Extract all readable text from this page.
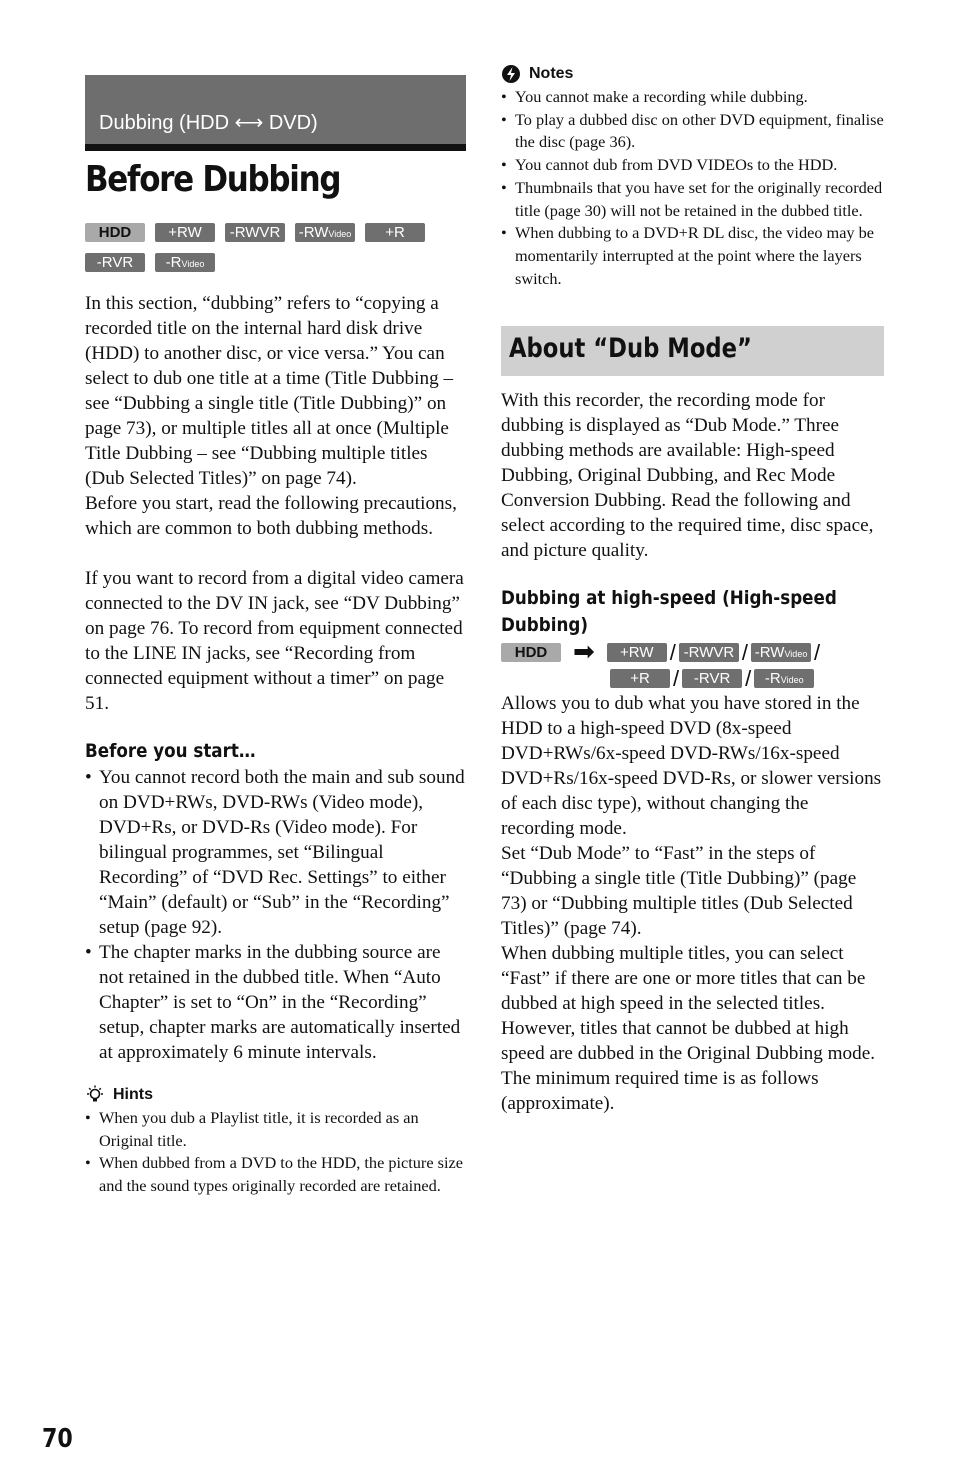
Dubbing (HDD ⟷ DVD)
Before Dubbing
HDD	+RW	-RWVR	-RWVideo	+R
-RVR	-RVideo

In this section, “dubbing” refers to “copying a recorded title on the internal hard disk drive (HDD) to another disc, or vice versa.” You can select to dub one title at a time (Title Dubbing – see “Dubbing a single title (Title Dubbing)” on page 73), or multiple titles all at once (Multiple Title Dubbing – see “Dubbing multiple titles (Dub Selected Titles)” on page 74).

Before you start, read the following precautions, which are common to both dubbing methods.

If you want to record from a digital video camera connected to the DV IN jack, see “DV Dubbing” on page 76. To record from equipment connected to the LINE IN jacks, see “Recording from connected equipment without a timer” on page 51.

Before you start…
• You cannot record both the main and sub sound on DVD+RWs, DVD-RWs (Video mode), DVD+Rs, or DVD-Rs (Video mode). For bilingual programmes, set “Bilingual Recording” of “DVD Rec. Settings” to either “Main” (default) or “Sub” in the “Recording” setup (page 92).
• The chapter marks in the dubbing source are not retained in the dubbed title. When “Auto Chapter” is set to “On” in the “Recording” setup, chapter marks are automatically inserted at approximately 6 minute intervals.
Hints
• When you dub a Playlist title, it is recorded as an Original title.
• When dubbed from a DVD to the HDD, the picture size and the sound types originally recorded are retained.
Notes
• You cannot make a recording while dubbing.
• To play a dubbed disc on other DVD equipment, finalise the disc (page 36).
• You cannot dub from DVD VIDEOs to the HDD.
• Thumbnails that you have set for the originally recorded title (page 30) will not be retained in the dubbed title.
• When dubbing to a DVD+R DL disc, the video may be momentarily interrupted at the point where the layers switch.
About “Dub Mode”

With this recorder, the recording mode for dubbing is displayed as “Dub Mode.” Three dubbing methods are available: High-speed Dubbing, Original Dubbing, and Rec Mode Conversion Dubbing. Read the following and select according to the required time, disc space, and picture quality.

Dubbing at high-speed (High-speed
Dubbing)
HDD ➡	+RW / -RWVR / -RWVideo /
+R	/ -RVR / -RVideo

Allows you to dub what you have stored in the HDD to a high-speed DVD (8x-speed DVD+RWs/6x-speed DVD-RWs/16x-speed DVD+Rs/16x-speed DVD-Rs, or slower versions of each disc type), without changing the recording mode.

Set “Dub Mode” to “Fast” in the steps of “Dubbing a single title (Title Dubbing)” (page 73) or “Dubbing multiple titles (Dub Selected Titles)” (page 74).

When dubbing multiple titles, you can select “Fast” if there are one or more titles that can be dubbed at high speed in the selected titles. However, titles that cannot be dubbed at high speed are dubbed in the Original Dubbing mode.

The minimum required time is as follows (approximate).

70
